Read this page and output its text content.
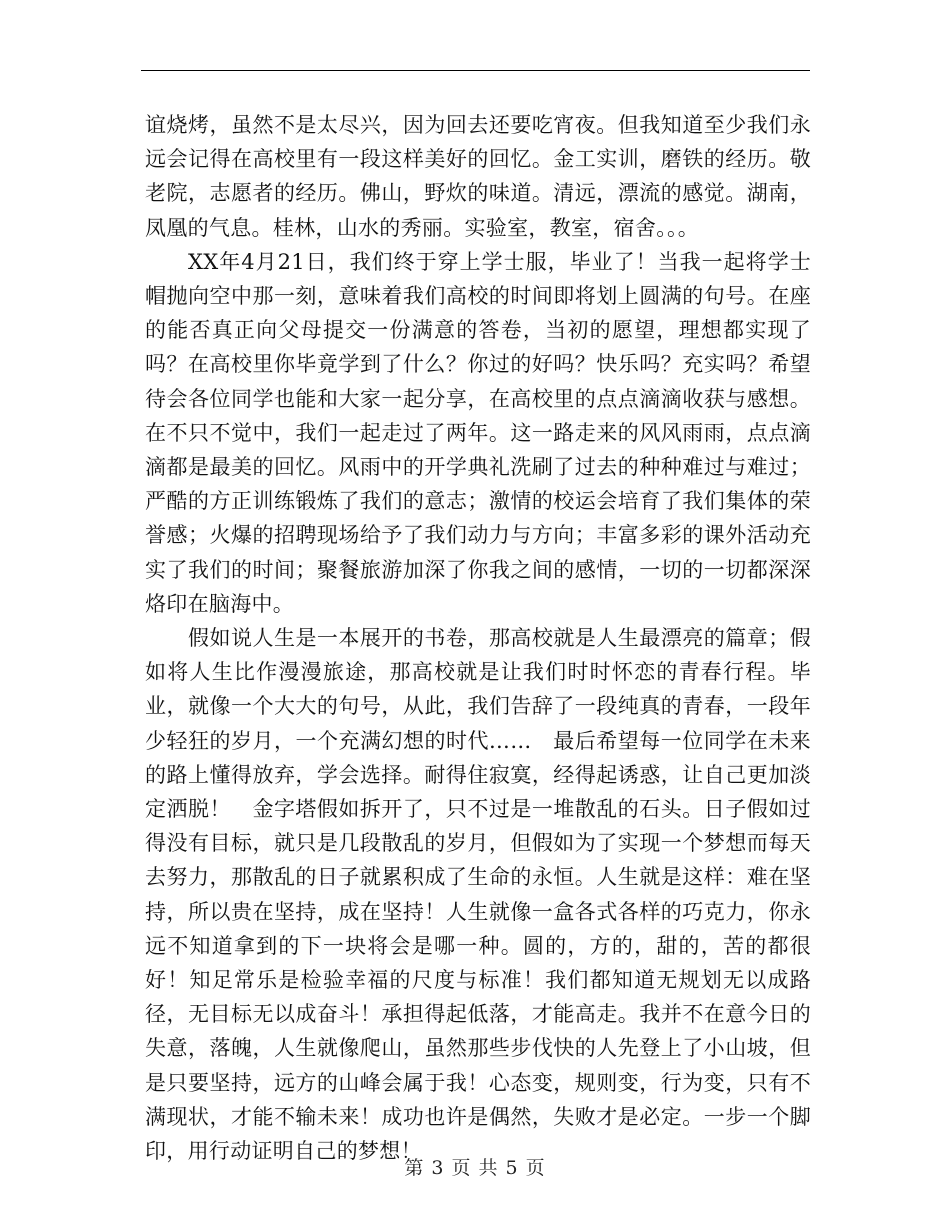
谊烧烤，虽然不是太尽兴，因为回去还要吃宵夜。但我知道至少我们永远会记得在高校里有一段这样美好的回忆。金工实训，磨铁的经历。敬老院，志愿者的经历。佛山，野炊的味道。清远，漂流的感觉。湖南，凤凰的气息。桂林，山水的秀丽。实验室，教室，宿舍。。。

XX年4月21日，我们终于穿上学士服，毕业了！当我一起将学士帽抛向空中那一刻，意味着我们高校的时间即将划上圆满的句号。在座的能否真正向父母提交一份满意的答卷，当初的愿望，理想都实现了吗？在高校里你毕竟学到了什么？你过的好吗？快乐吗？充实吗？希望待会各位同学也能和大家一起分享，在高校里的点点滴滴收获与感想。在不只不觉中，我们一起走过了两年。这一路走来的风风雨雨，点点滴滴都是最美的回忆。风雨中的开学典礼洗刷了过去的种种难过与难过；严酷的方正训练锻炼了我们的意志；激情的校运会培育了我们集体的荣誉感；火爆的招聘现场给予了我们动力与方向；丰富多彩的课外活动充实了我们的时间；聚餐旅游加深了你我之间的感情，一切的一切都深深烙印在脑海中。

假如说人生是一本展开的书卷，那高校就是人生最漂亮的篇章；假如将人生比作漫漫旅途，那高校就是让我们时时怀恋的青春行程。毕业，就像一个大大的句号，从此，我们告辞了一段纯真的青春，一段年少轻狂的岁月，一个充满幻想的时代……　最后希望每一位同学在未来的路上懂得放弃，学会选择。耐得住寂寞，经得起诱惑，让自己更加淡定洒脱！　金字塔假如拆开了，只不过是一堆散乱的石头。日子假如过得没有目标，就只是几段散乱的岁月，但假如为了实现一个梦想而每天去努力，那散乱的日子就累积成了生命的永恒。人生就是这样：难在坚持，所以贵在坚持，成在坚持！人生就像一盒各式各样的巧克力，你永远不知道拿到的下一块将会是哪一种。圆的，方的，甜的，苦的都很好！知足常乐是检验幸福的尺度与标准！我们都知道无规划无以成路径，无目标无以成奋斗！承担得起低落，才能高走。我并不在意今日的失意，落魄，人生就像爬山，虽然那些步伐快的人先登上了小山坡，但是只要坚持，远方的山峰会属于我！心态变，规则变，行为变，只有不满现状，才能不输未来！成功也许是偶然，失败才是必定。一步一个脚印，用行动证明自己的梦想！

第 3 页 共 5 页
